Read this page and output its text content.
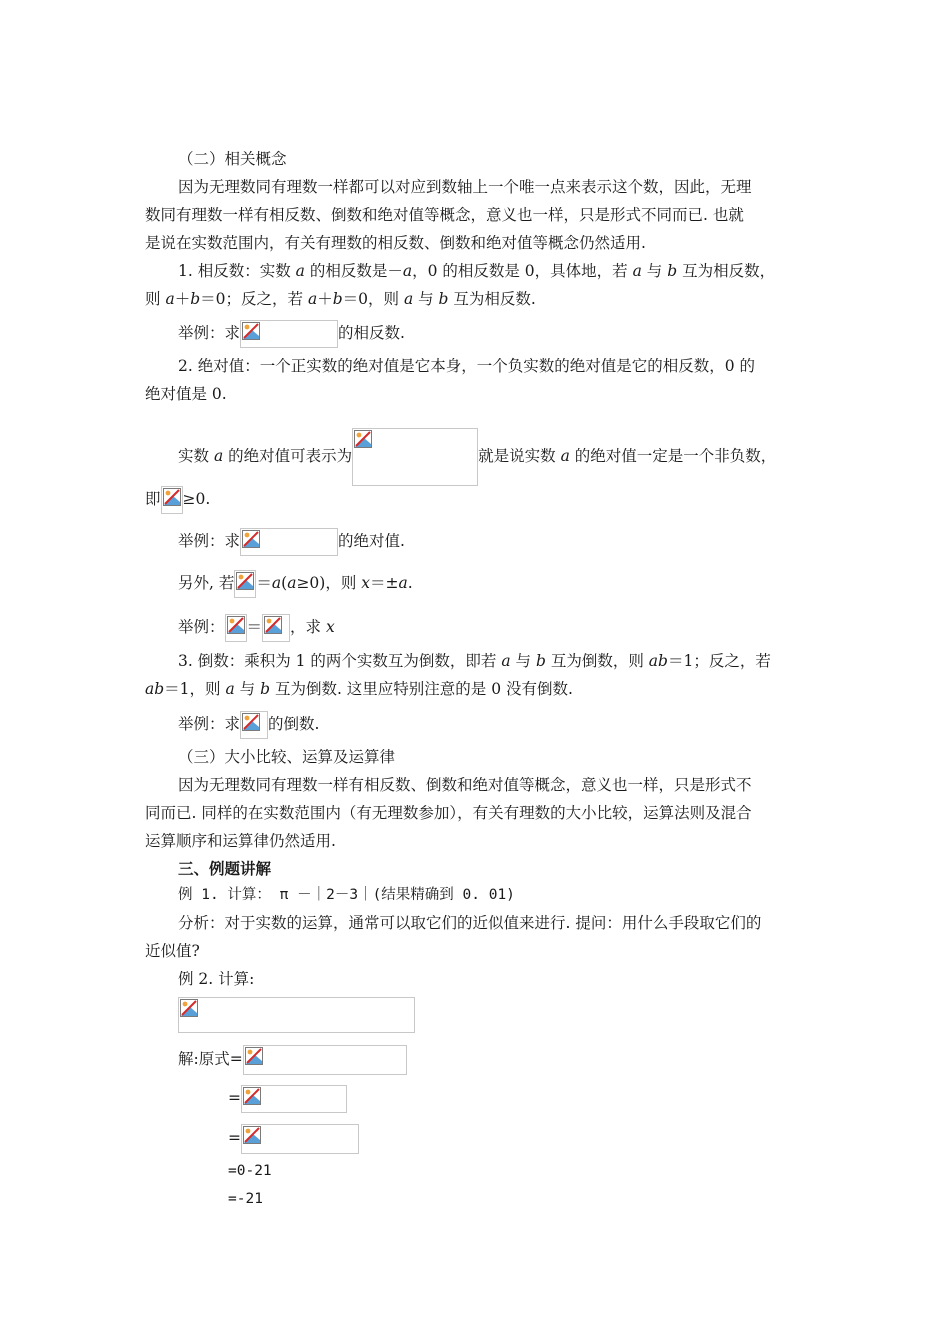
（二）相关概念
因为无理数同有理数一样都可以对应到数轴上一个唯一点来表示这个数，因此，无理
数同有理数一样有相反数、倒数和绝对值等概念，意义也一样，只是形式不同而已. 也就
是说在实数范围内，有关有理数的相反数、倒数和绝对值等概念仍然适用.
1. 相反数：实数 a 的相反数是－a，0 的相反数是 0，具体地，若 a 与 b 互为相反数，
则 a＋b＝0；反之，若 a＋b＝0，则 a 与 b 互为相反数.
举例：求	的相反数.
2. 绝对值：一个正实数的绝对值是它本身，一个负实数的绝对值是它的相反数，0 的
绝对值是 0.
实数 a 的绝对值可表示为	就是说实数 a 的绝对值一定是一个非负数，
即 ≥0.
举例：求	的绝对值.
另外, 若 ＝a(a≥0)，则 x＝±a.
举例： ＝ ，求 x
3. 倒数：乘积为 1 的两个实数互为倒数，即若 a 与 b 互为倒数，则 ab＝1；反之，若
ab＝1，则 a 与 b 互为倒数. 这里应特别注意的是 0 没有倒数.
举例：求 的倒数.
（三）大小比较、运算及运算律
因为无理数同有理数一样有相反数、倒数和绝对值等概念，意义也一样，只是形式不
同而已. 同样的在实数范围内（有无理数参加），有关有理数的大小比较，运算法则及混合
运算顺序和运算律仍然适用.
三、例题讲解
例 1. 计算： π －｜2－3｜(结果精确到 0. 01)
分析：对于实数的运算，通常可以取它们的近似值来进行. 提问：用什么手段取它们的
近似值?
例 2. 计算:
解:原式=
=
=
=0-21
=-21
